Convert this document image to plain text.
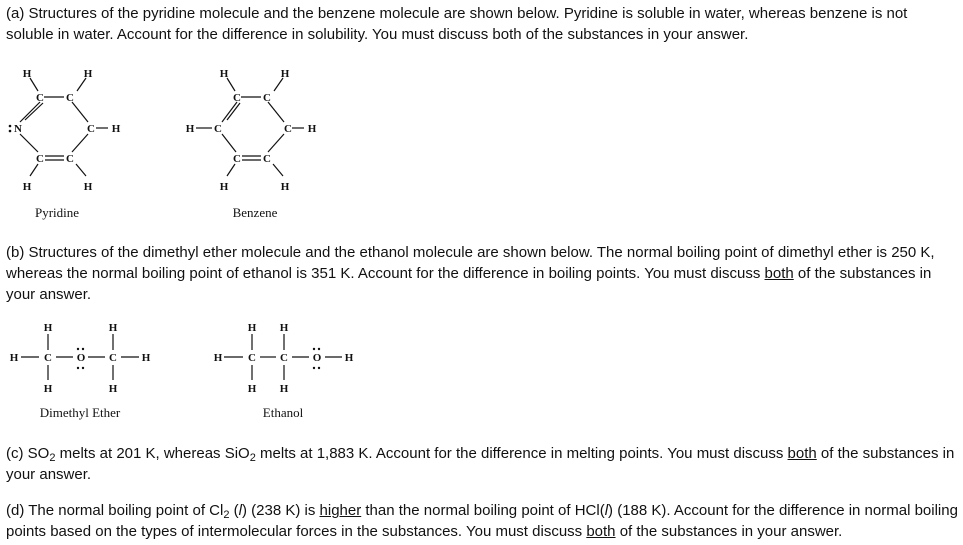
(a) Structures of the pyridine molecule and the benzene molecule are shown below. Pyridine is soluble in water, whereas benzene is not soluble in water. Account for the difference in solubility. You must discuss both of the substances in your answer.

H	H
C C
N	C H
C C
H	H
Pyridine
H	H
C C
H C	C H
C C
H	H
Benzene

(b) Structures of the dimethyl ether molecule and the ethanol molecule are shown below. The normal boiling point of dimethyl ether is 250 K, whereas the normal boiling point of ethanol is 351 K. Account for the difference in boiling points. You must discuss both of the substances in your answer.

H	H
H C O C H
H	H
Dimethyl Ether
H H
H C C O H
H H
Ethanol

(c) $SO_2$ melts at 201 K, whereas SiO$_2$ melts at 1,883 K. Account for the difference in melting points. You must discuss both of the substances in your answer.

(d) The normal boiling point of $Cl_2$ (l) (238 K) is higher than the normal boiling point of HCl(l) (188 K). Account for the difference in normal boiling points based on the types of intermolecular forces in the substances. You must discuss both of the substances in your answer.
